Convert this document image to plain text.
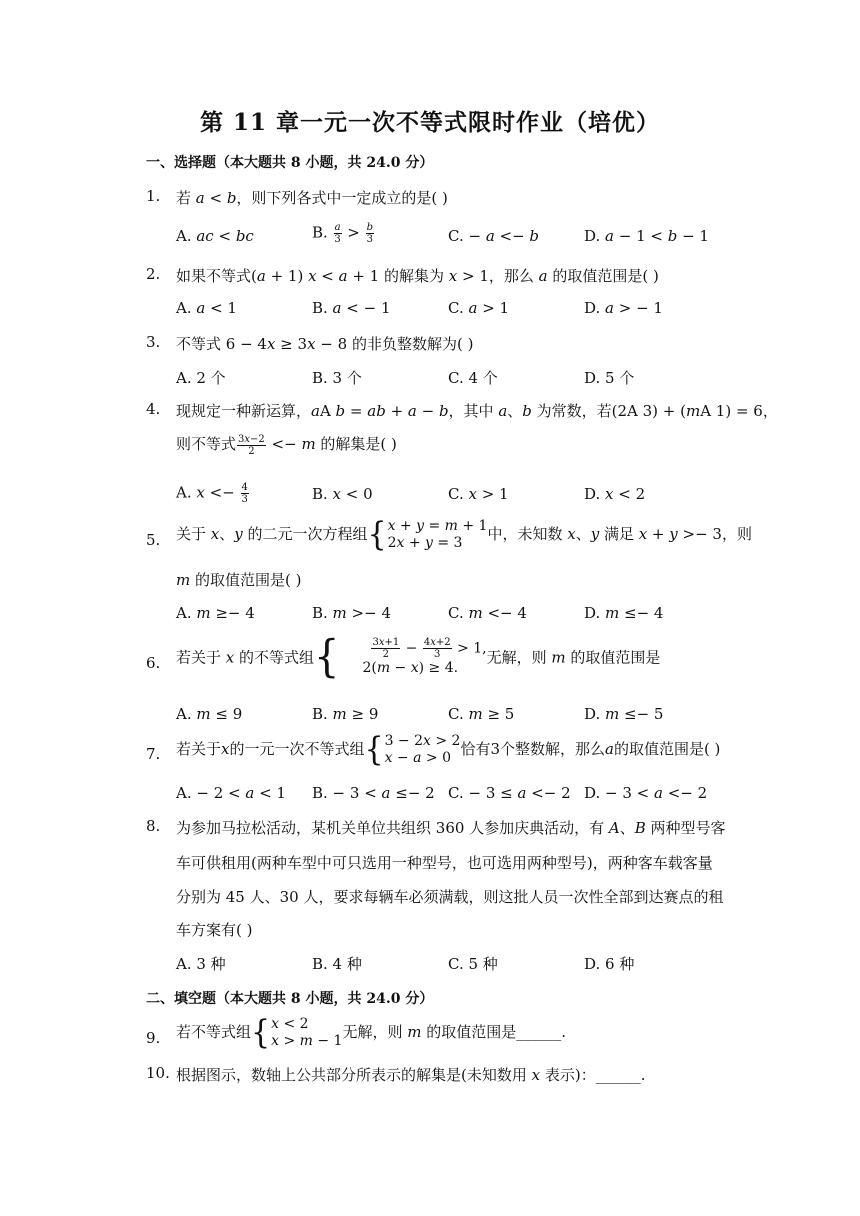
第 11 章一元一次不等式限时作业（培优）
一、选择题（本大题共 8 小题，共 24.0 分）
1. 若 𝑎 < 𝑏，则下列各式中一定成立的是( )
A. 𝑎𝑐 < 𝑏𝑐	B. $\frac{\text{𝑎}}{3} > \frac{\text{𝑏}}{3}$	C. − 𝑎 <− 𝑏	D. 𝑎 − 1 < 𝑏 − 1
2. 如果不等式(𝑎 + 1) 𝑥 < 𝑎 + 1 的解集为 𝑥 > 1，那么 𝑎 的取值范围是( )
A. 𝑎 < 1	B. 𝑎 < − 1	C. 𝑎 > 1	D. 𝑎 > − 1
3. 不等式 6 − 4𝑥 ≥ 3𝑥 − 8 的非负整数解为( )
A. 2 个	B. 3 个	C. 4 个	D. 5 个
4. 现规定一种新运算，𝑎A 𝑏 = 𝑎𝑏 + 𝑎 − 𝑏，其中 𝑎、𝑏 为常数，若(2A 3) + (𝑚A 1) = 6，
则不等式 $\frac{\text{3𝑥−2}}{2}$ <− 𝑚 的解集是( )
A. 𝑥 <− $\frac{4}{3}$	B. 𝑥 < 0	C. 𝑥 > 1	D. 𝑥 < 2
5. 关于 𝑥、𝑦 的二元一次方程组{ 𝑥 + 𝑦 = 𝑚 + 1
2𝑥 + 𝑦 = 3	中，未知数 𝑥、𝑦 满足 𝑥 + 𝑦 >− 3，则
𝑚 的取值范围是( )
A. 𝑚 ≥− 4	B. 𝑚 >− 4	C. 𝑚 <− 4	D. 𝑚 ≤− 4
6. 若关于 𝑥 的不等式组{	$\frac{\text{3𝑥+1}}{2} - \frac{\text{4𝑥+2}}{3} > 1$,
2(𝑚 − 𝑥) ≥ 4.
无解，则 𝑚 的取值范围是
A. 𝑚 ≤ 9	B. 𝑚 ≥ 9	C. 𝑚 ≥ 5	D. 𝑚 ≤− 5
7. 若关于𝑥的一元一次不等式组{ 3 − 2𝑥 > 2
𝑥 − 𝑎 > 0 恰有3个整数解，那么𝑎的取值范围是( )
A. − 2 < 𝑎 < 1 B. − 3 < 𝑎 ≤− 2 C. − 3 ≤ 𝑎 <− 2 D. − 3 < 𝑎 <− 2
8. 为参加马拉松活动，某机关单位共组织 360 人参加庆典活动，有 𝐴、𝐵 两种型号客
车可供租用(两种车型中可只选用一种型号，也可选用两种型号)，两种客车载客量
分别为 45 人、30 人，要求每辆车必须满载，则这批人员一次性全部到达赛点的租
车方案有( )
A. 3 种	B. 4 种	C. 5 种	D. 6 种
二、填空题（本大题共 8 小题，共 24.0 分）
9. 若不等式组{ 𝑥 < 2
𝑥 > 𝑚 − 1 无解，则 𝑚 的取值范围是______.
10. 根据图示，数轴上公共部分所表示的解集是(未知数用 𝑥 表示)：______.
